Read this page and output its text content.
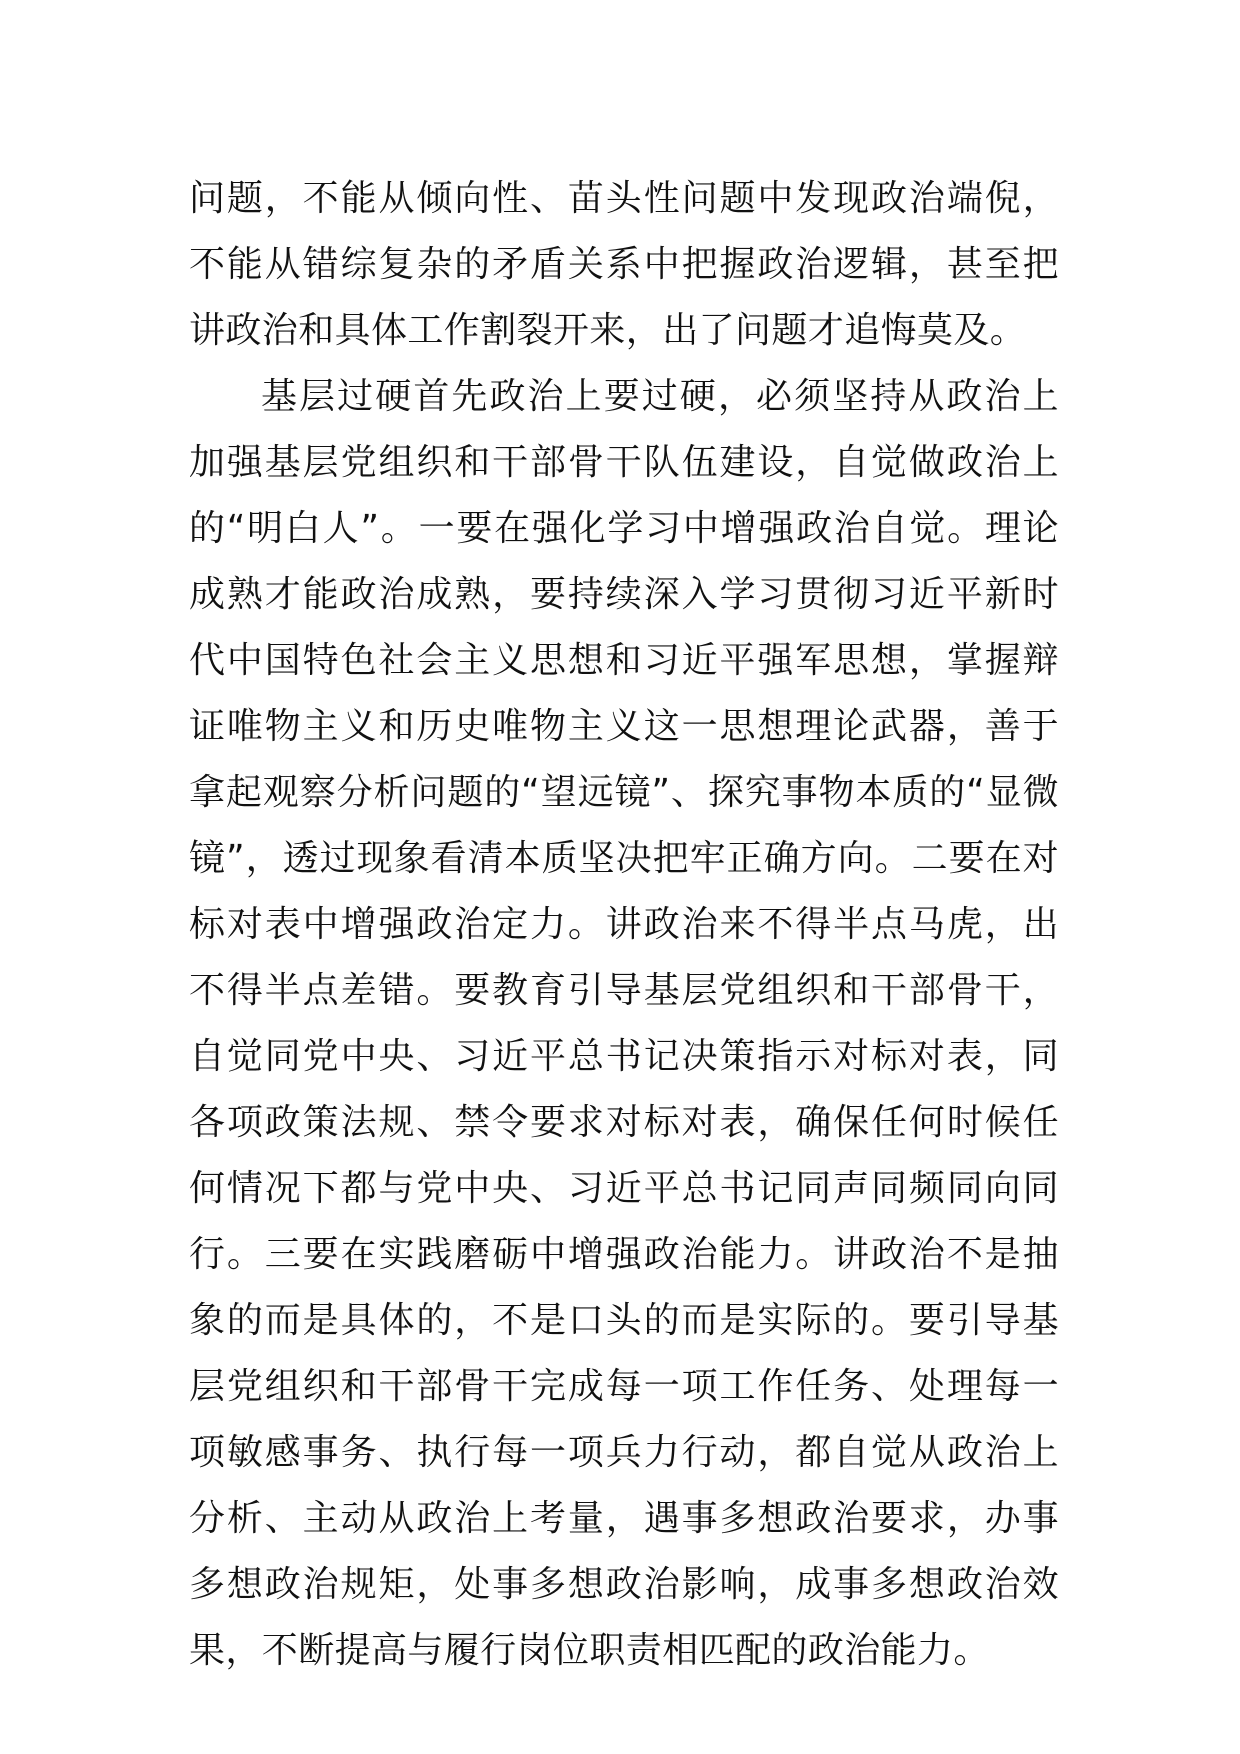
问题，不能从倾向性、苗头性问题中发现政治端倪，不能从错综复杂的矛盾关系中把握政治逻辑，甚至把讲政治和具体工作割裂开来，出了问题才追悔莫及。

基层过硬首先政治上要过硬，必须坚持从政治上加强基层党组织和干部骨干队伍建设，自觉做政治上的“明白人”。一要在强化学习中增强政治自觉。理论成熟才能政治成熟，要持续深入学习贯彻习近平新时代中国特色社会主义思想和习近平强军思想，掌握辩证唯物主义和历史唯物主义这一思想理论武器，善于拿起观察分析问题的“望远镜”、探究事物本质的“显微镜”，透过现象看清本质坚决把牢正确方向。二要在对标对表中增强政治定力。讲政治来不得半点马虎，出不得半点差错。要教育引导基层党组织和干部骨干，自觉同党中央、习近平总书记决策指示对标对表，同各项政策法规、禁令要求对标对表，确保任何时候任何情况下都与党中央、习近平总书记同声同频同向同行。三要在实践磨砺中增强政治能力。讲政治不是抽象的而是具体的，不是口头的而是实际的。要引导基层党组织和干部骨干完成每一项工作任务、处理每一项敏感事务、执行每一项兵力行动，都自觉从政治上分析、主动从政治上考量，遇事多想政治要求，办事多想政治规矩，处事多想政治影响，成事多想政治效果，不断提高与履行岗位职责相匹配的政治能力。
